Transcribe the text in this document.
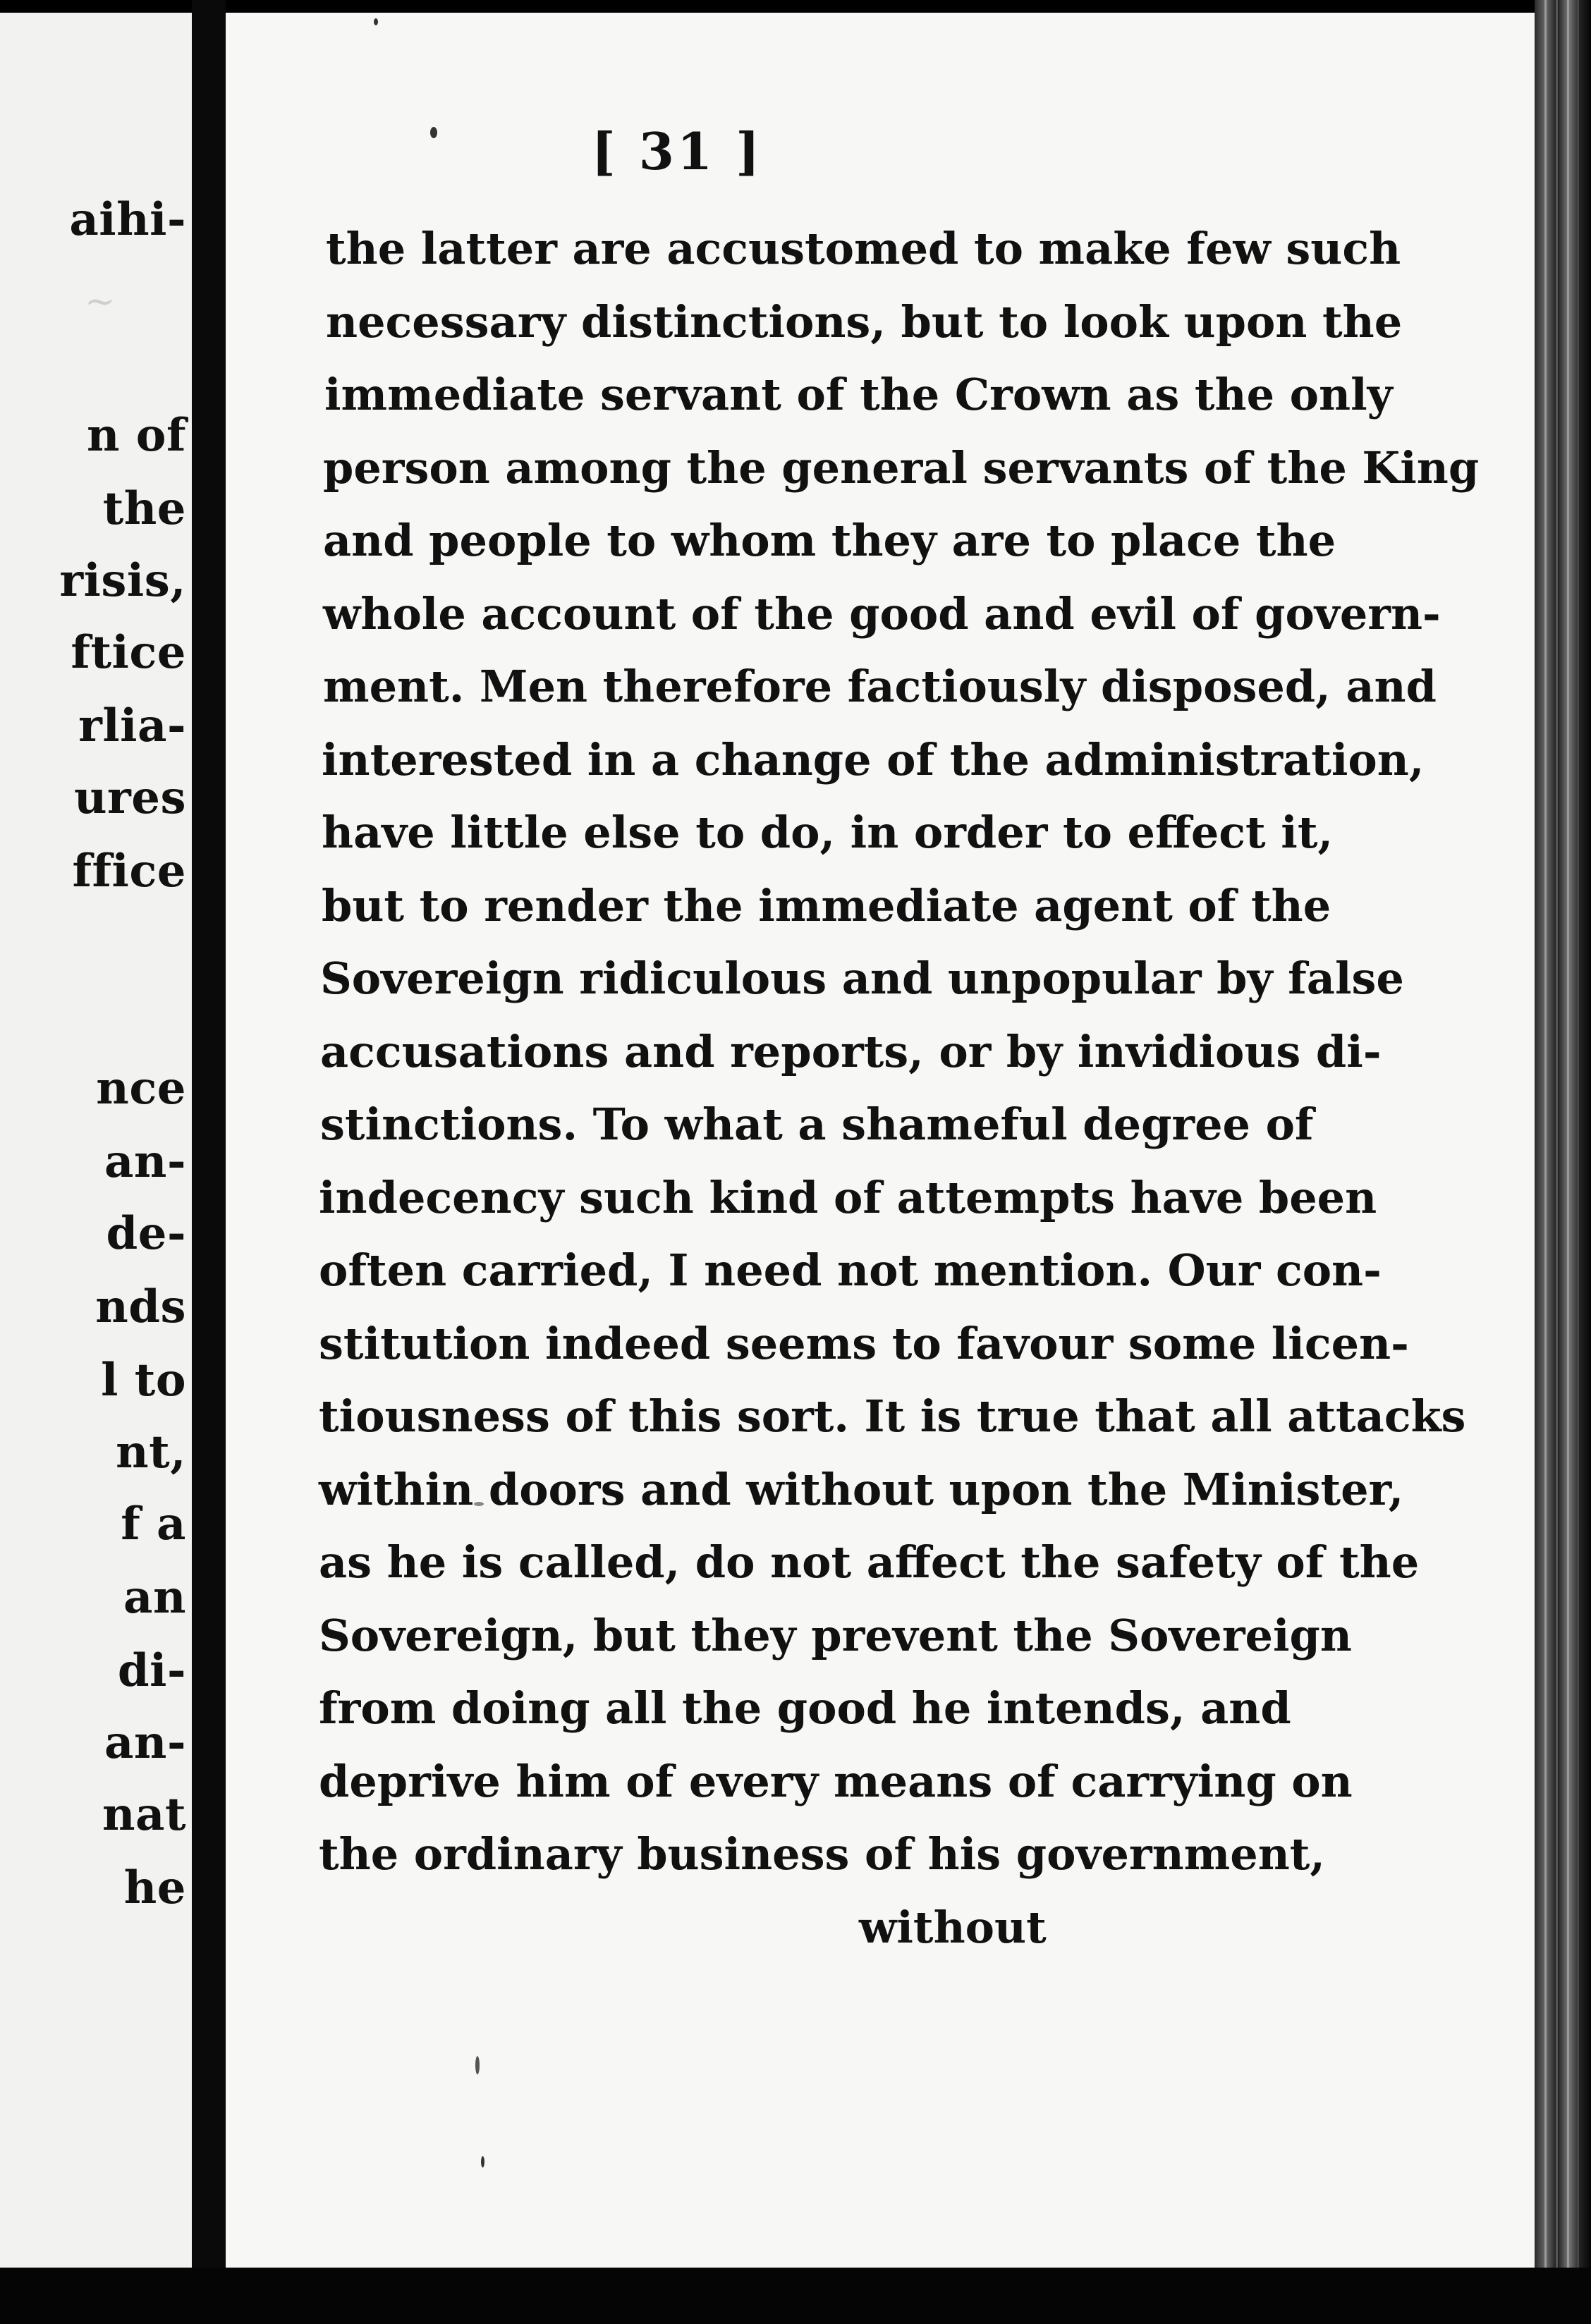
~
aihi-
n of
the
risis,
ftice
rlia-
ures
ffice
nce
an-
de-
nds
l to
nt,
f a
an
di-
an-
nat
he
[ 31 ]
the latter are accustomed to make few such
necessary distinctions, but to look upon the
immediate servant of the Crown as the only
person among the general servants of the King
and people to whom they are to place the
whole account of the good and evil of govern-
ment. Men therefore factiously disposed, and
interested in a change of the administration,
have little else to do, in order to effect it,
but to render the immediate agent of the
Sovereign ridiculous and unpopular by false
accusations and reports, or by invidious di-
stinctions. To what a shameful degree of
indecency such kind of attempts have been
often carried, I need not mention. Our con-
stitution indeed seems to favour some licen-
tiousness of this sort. It is true that all attacks
within doors and without upon the Minister,
as he is called, do not affect the safety of the
Sovereign, but they prevent the Sovereign
from doing all the good he intends, and
deprive him of every means of carrying on
the ordinary business of his government,
without
